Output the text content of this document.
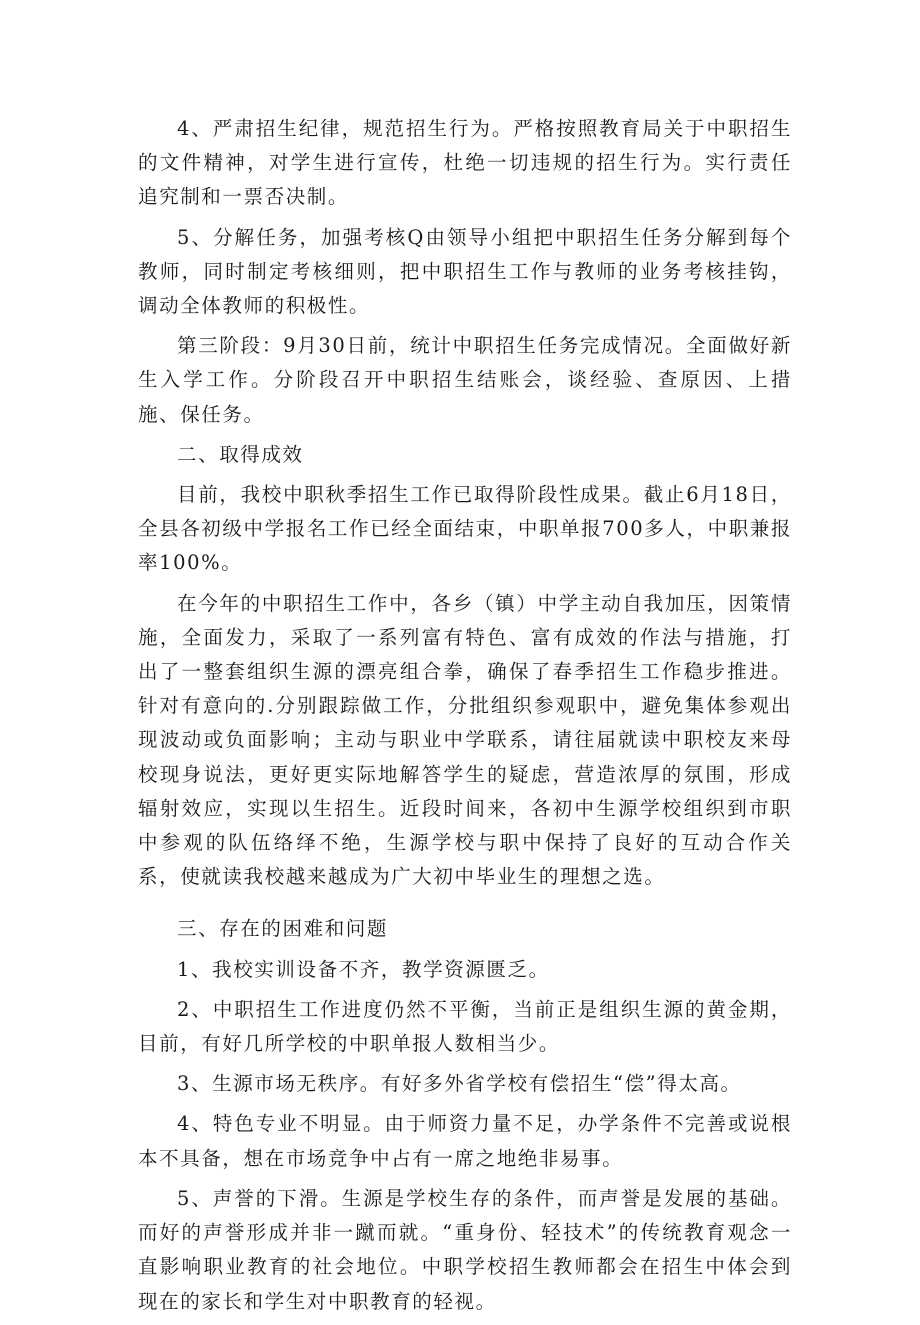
4、严肃招生纪律，规范招生行为。严格按照教育局关于中职招生的文件精神，对学生进行宣传，杜绝一切违规的招生行为。实行责任追究制和一票否决制。

5、分解任务，加强考核Q由领导小组把中职招生任务分解到每个教师，同时制定考核细则，把中职招生工作与教师的业务考核挂钩，调动全体教师的积极性。

第三阶段：9月30日前，统计中职招生任务完成情况。全面做好新生入学工作。分阶段召开中职招生结账会，谈经验、查原因、上措施、保任务。

二、取得成效

目前，我校中职秋季招生工作已取得阶段性成果。截止6月18日，全县各初级中学报名工作已经全面结束，中职单报700多人，中职兼报率100%。

在今年的中职招生工作中，各乡（镇）中学主动自我加压，因策情施，全面发力，采取了一系列富有特色、富有成效的作法与措施，打出了一整套组织生源的漂亮组合拳，确保了春季招生工作稳步推进。针对有意向的.分别跟踪做工作，分批组织参观职中，避免集体参观出现波动或负面影响；主动与职业中学联系，请往届就读中职校友来母校现身说法，更好更实际地解答学生的疑虑，营造浓厚的氛围，形成辐射效应，实现以生招生。近段时间来，各初中生源学校组织到市职中参观的队伍络绎不绝，生源学校与职中保持了良好的互动合作关系，使就读我校越来越成为广大初中毕业生的理想之选。

三、存在的困难和问题

1、我校实训设备不齐，教学资源匮乏。

2、中职招生工作进度仍然不平衡，当前正是组织生源的黄金期，目前，有好几所学校的中职单报人数相当少。

3、生源市场无秩序。有好多外省学校有偿招生“偿”得太高。

4、特色专业不明显。由于师资力量不足，办学条件不完善或说根本不具备，想在市场竞争中占有一席之地绝非易事。

5、声誉的下滑。生源是学校生存的条件，而声誉是发展的基础。而好的声誉形成并非一蹴而就。“重身份、轻技术”的传统教育观念一直影响职业教育的社会地位。中职学校招生教师都会在招生中体会到现在的家长和学生对中职教育的轻视。
